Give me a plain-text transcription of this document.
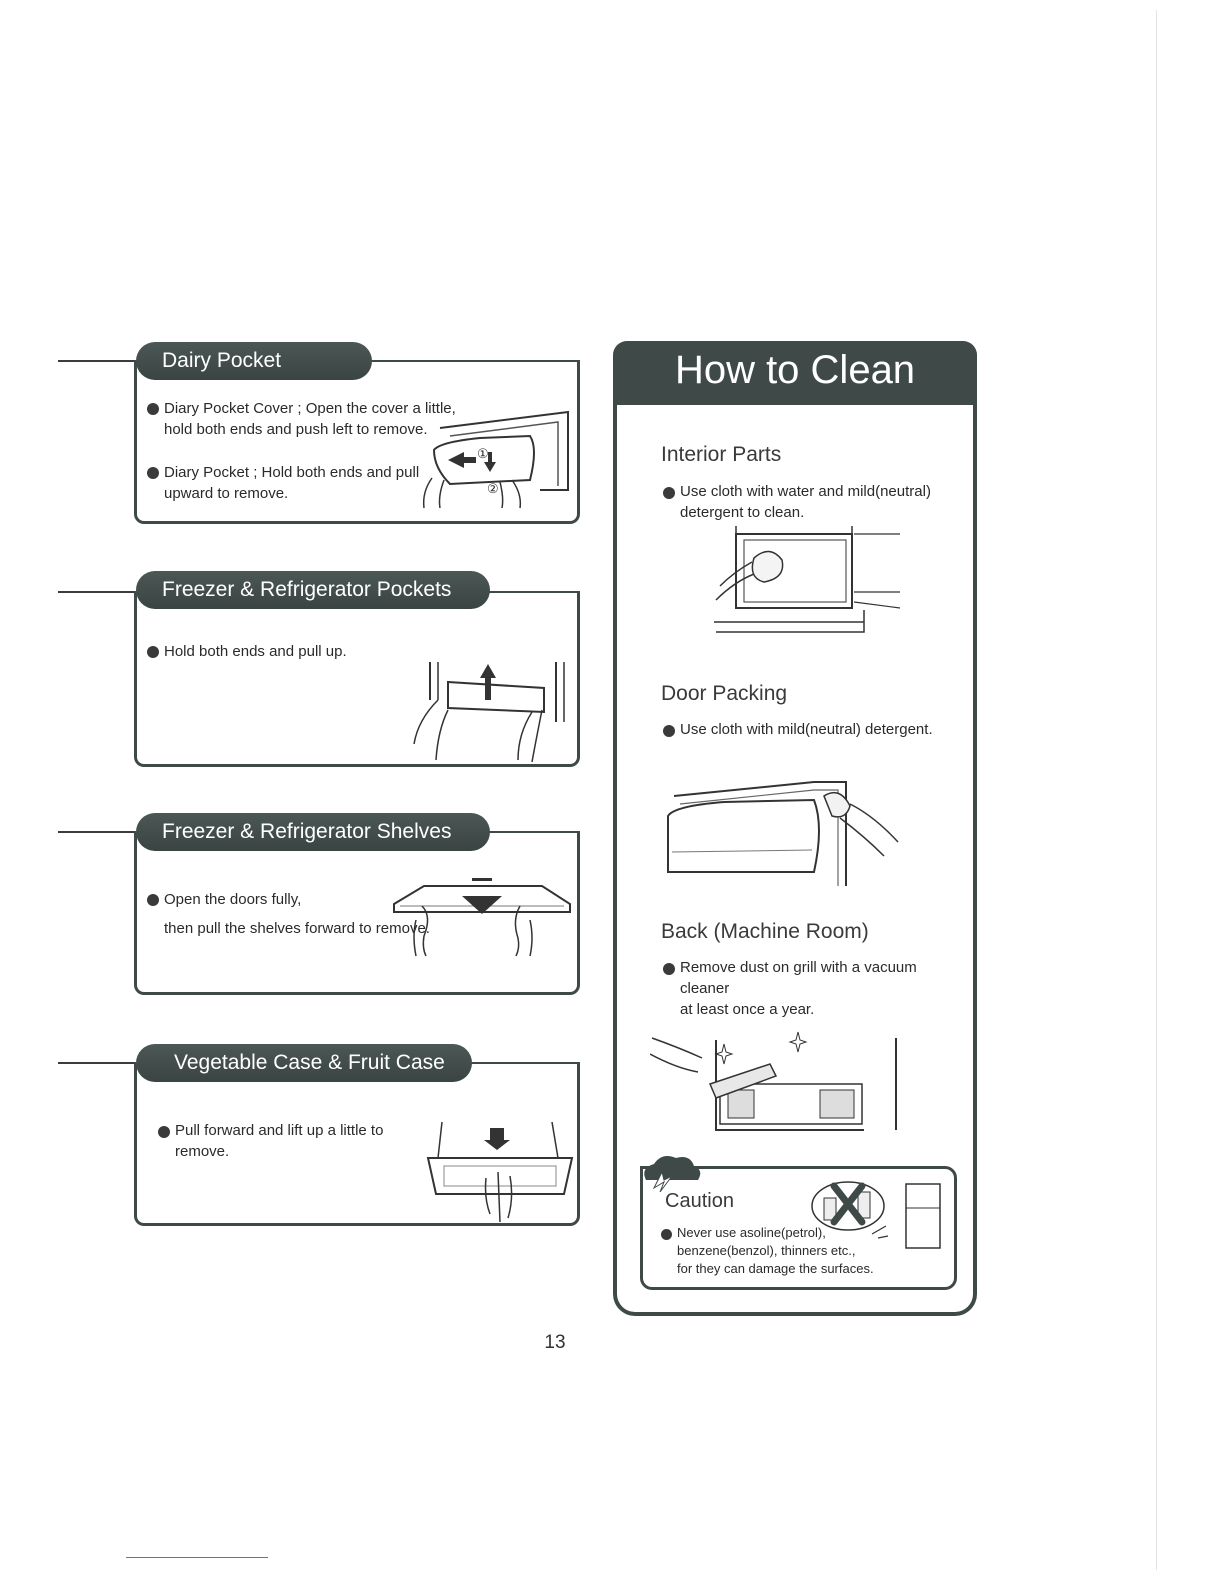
Dairy Pocket
Diary Pocket Cover ; Open the cover a little,
hold both ends and push left to remove.
Diary Pocket ; Hold both ends and pull
upward to remove.
①
②
Freezer & Refrigerator Pockets
Hold both ends and pull up.
Freezer & Refrigerator Shelves
Open the doors fully,
then pull the shelves forward to remove.
Vegetable Case & Fruit Case
Pull forward and lift up a little to remove.
How to Clean
Interior Parts
Use cloth with water and mild(neutral)
detergent to clean.
Door Packing
Use cloth with mild(neutral) detergent.
Back (Machine Room)
Remove dust on grill with a vacuum cleaner
at least once a year.
Caution
Never use asoline(petrol),
benzene(benzol), thinners etc.,
for they can damage the surfaces.
13
